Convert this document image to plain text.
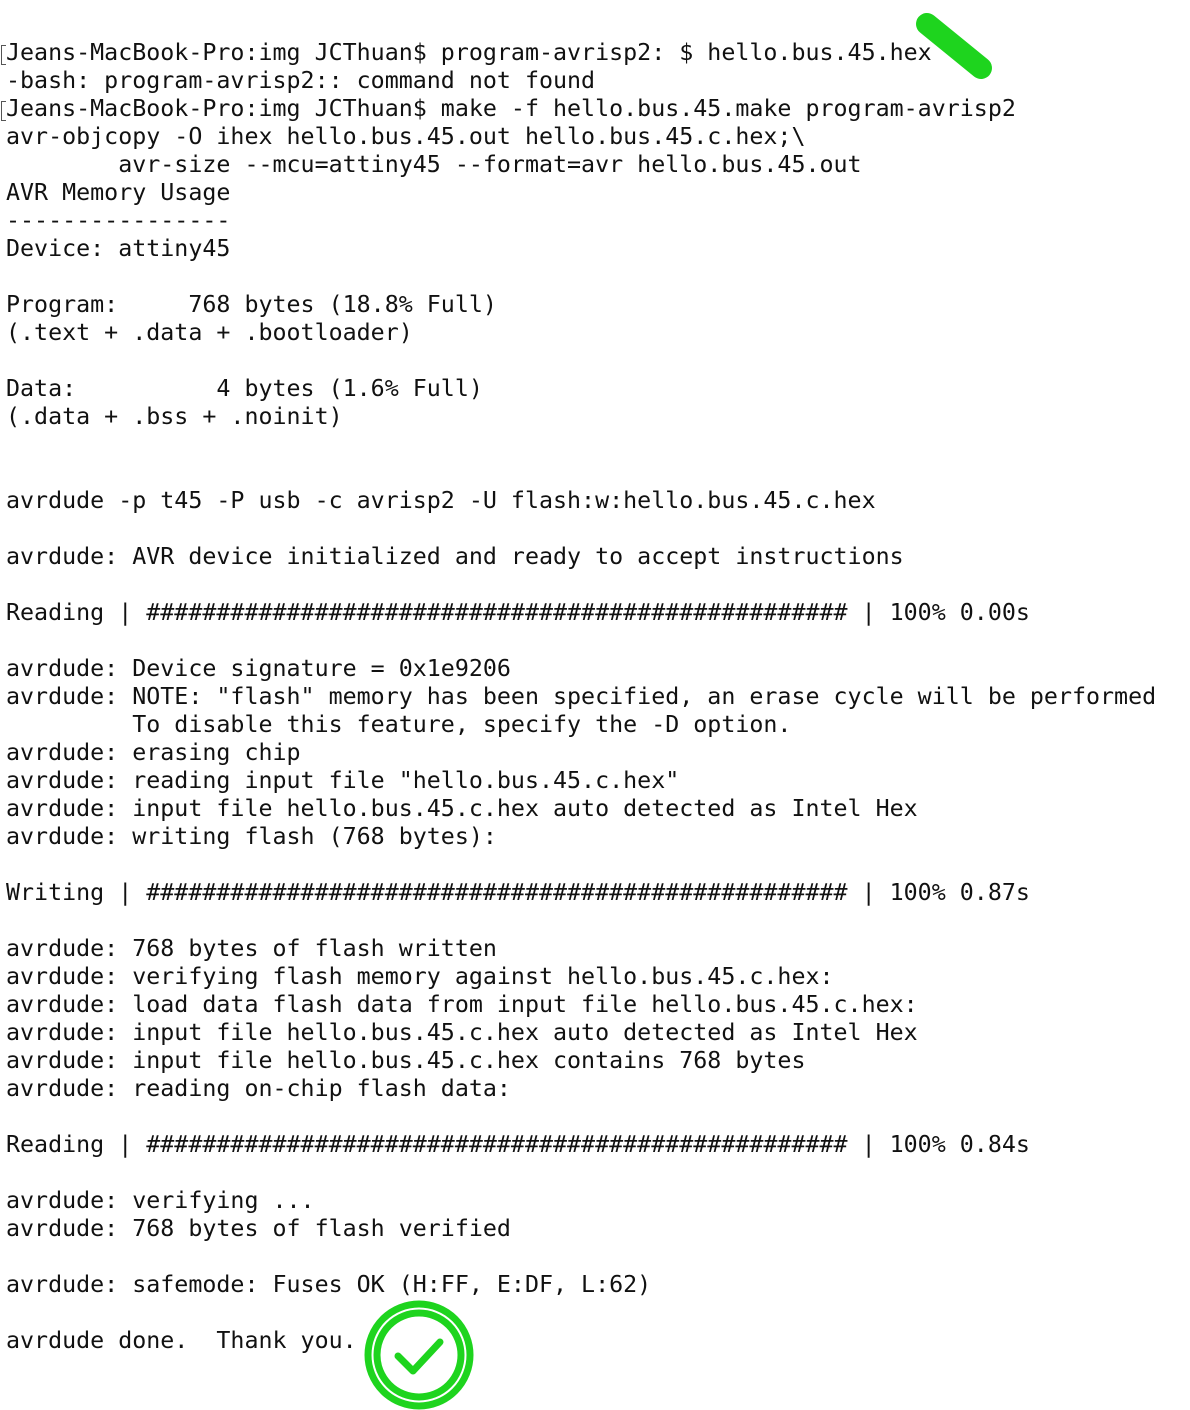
Jeans-MacBook-Pro:img JCThuan$ program-avrisp2: $ hello.bus.45.hex
-bash: program-avrisp2:: command not found
Jeans-MacBook-Pro:img JCThuan$ make -f hello.bus.45.make program-avrisp2
avr-objcopy -O ihex hello.bus.45.out hello.bus.45.c.hex;\
avr-size --mcu=attiny45 --format=avr hello.bus.45.out
AVR Memory Usage
----------------
Device: attiny45
Program:     768 bytes (18.8% Full)
(.text + .data + .bootloader)
Data:          4 bytes (1.6% Full)
(.data + .bss + .noinit)
avrdude -p t45 -P usb -c avrisp2 -U flash:w:hello.bus.45.c.hex
avrdude: AVR device initialized and ready to accept instructions
Reading | ################################################## | 100% 0.00s
avrdude: Device signature = 0x1e9206
avrdude: NOTE: "flash" memory has been specified, an erase cycle will be performed
To disable this feature, specify the -D option.
avrdude: erasing chip
avrdude: reading input file "hello.bus.45.c.hex"
avrdude: input file hello.bus.45.c.hex auto detected as Intel Hex
avrdude: writing flash (768 bytes):
Writing | ################################################## | 100% 0.87s
avrdude: 768 bytes of flash written
avrdude: verifying flash memory against hello.bus.45.c.hex:
avrdude: load data flash data from input file hello.bus.45.c.hex:
avrdude: input file hello.bus.45.c.hex auto detected as Intel Hex
avrdude: input file hello.bus.45.c.hex contains 768 bytes
avrdude: reading on-chip flash data:
Reading | ################################################## | 100% 0.84s
avrdude: verifying ...
avrdude: 768 bytes of flash verified
avrdude: safemode: Fuses OK (H:FF, E:DF, L:62)
avrdude done.  Thank you.
